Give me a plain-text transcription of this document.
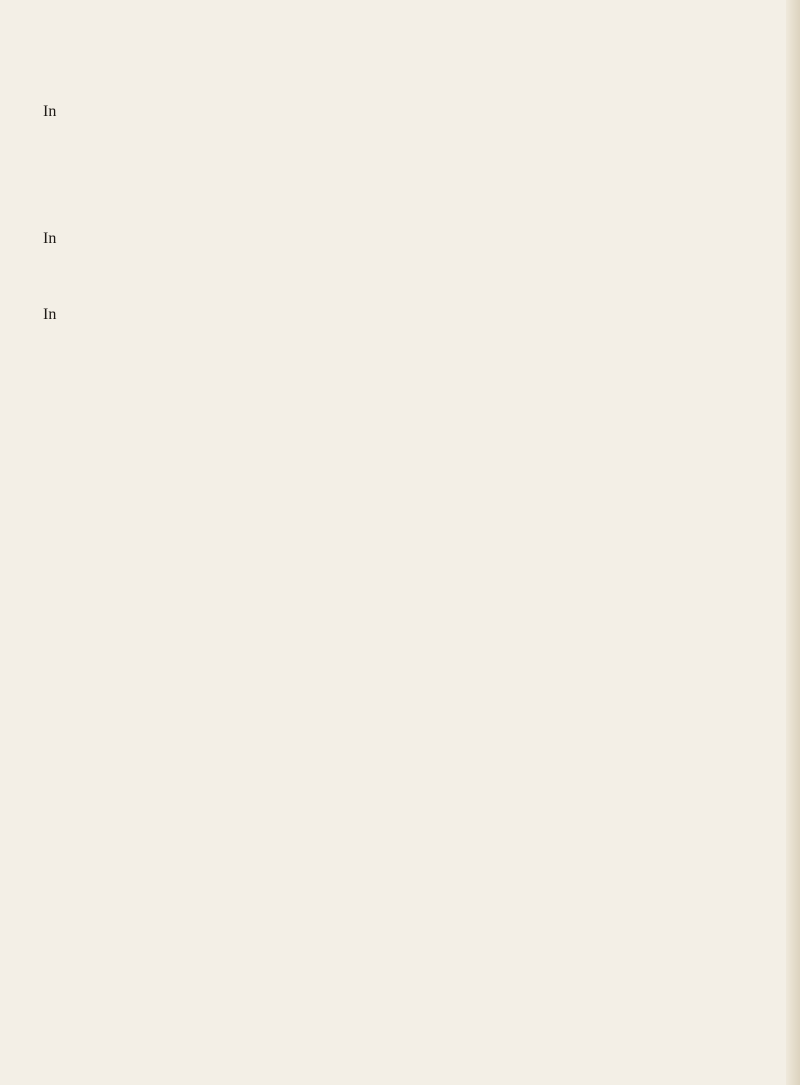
In
In
In
